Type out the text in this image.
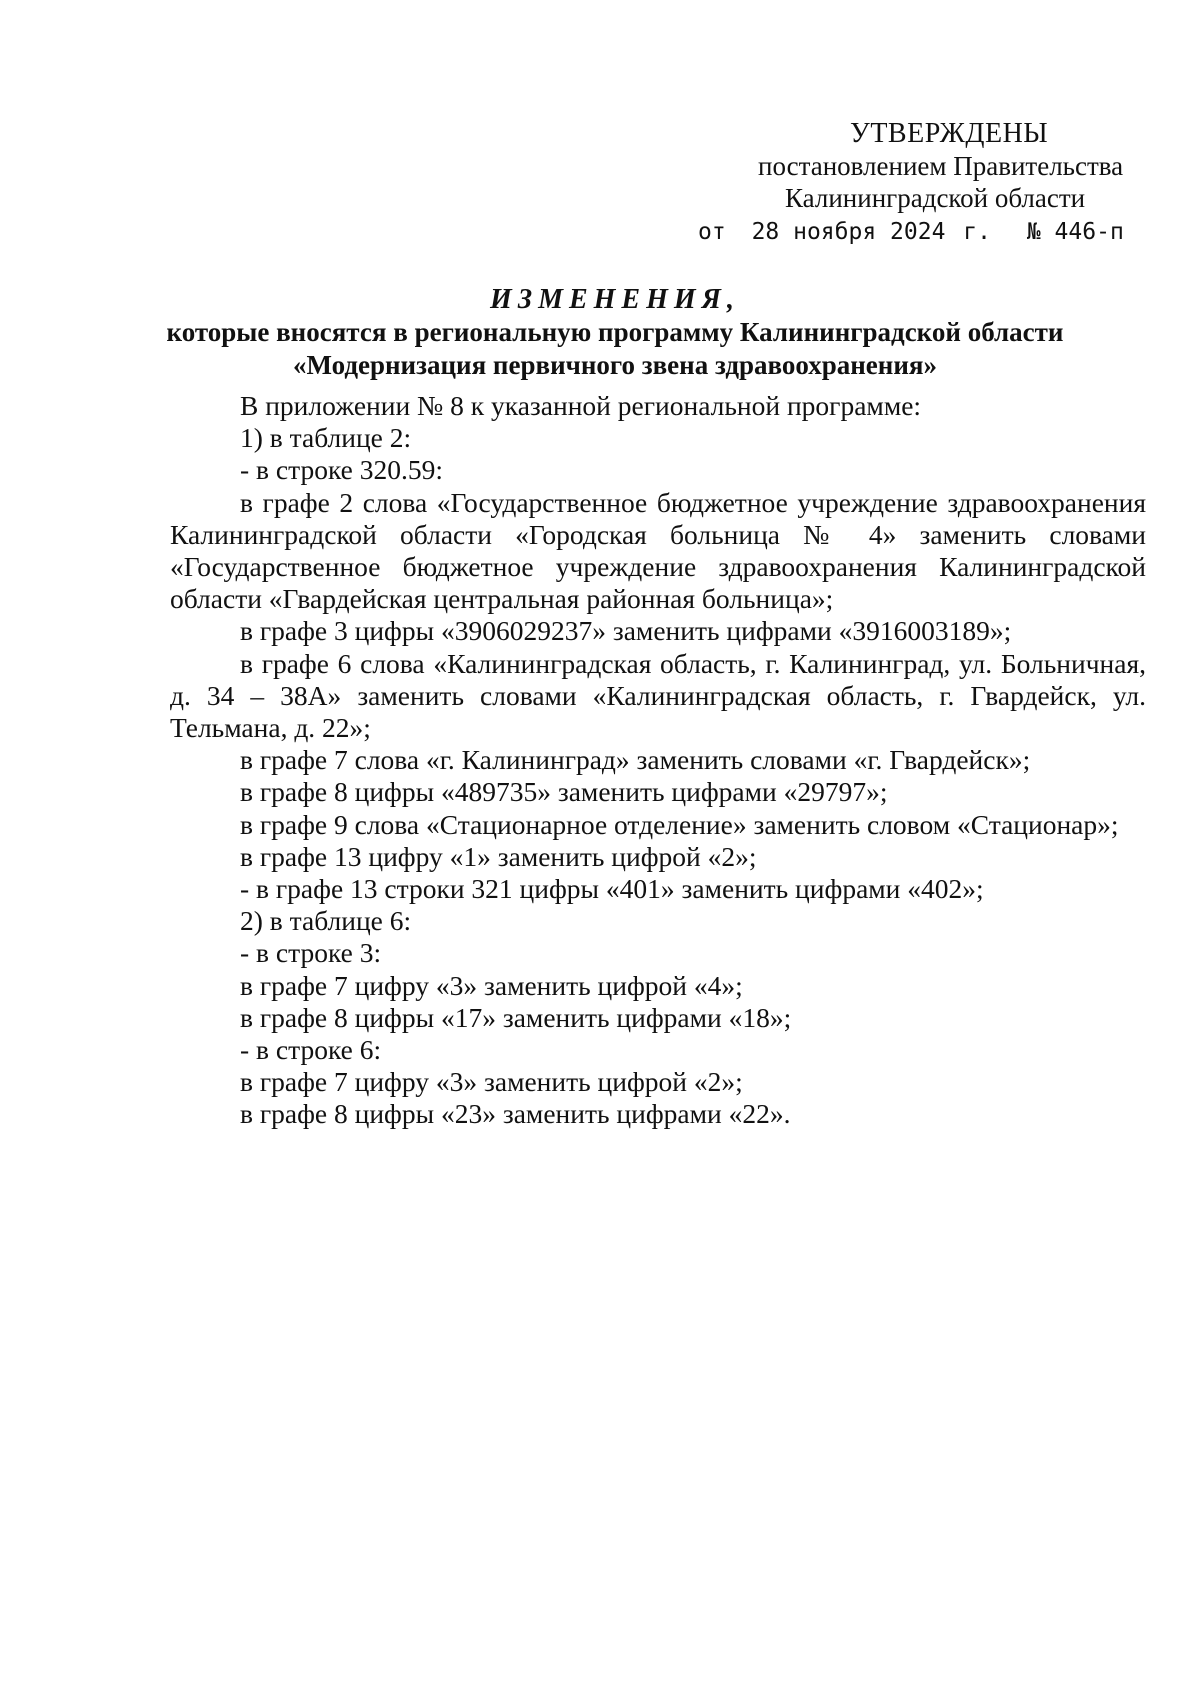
УТВЕРЖДЕНЫ
постановлением Правительства
Калининградской области
от 28 ноября 2024 г. № 446-п
ИЗМЕНЕНИЯ,
которые вносятся в региональную программу Калининградской области
«Модернизация первичного звена здравоохранения»

В приложении № 8 к указанной региональной программе:

1) в таблице 2:

- в строке 320.59:

в графе 2 слова «Государственное бюджетное учреждение здравоохранения Калининградской области «Городская больница № 4» заменить словами «Государственное бюджетное учреждение здравоохранения Калининградской области «Гвардейская центральная районная больница»;

в графе 3 цифры «3906029237» заменить цифрами «3916003189»;

в графе 6 слова «Калининградская область, г. Калининград, ул. Больничная, д. 34 – 38А» заменить словами «Калининградская область, г. Гвардейск, ул. Тельмана, д. 22»;

в графе 7 слова «г. Калининград» заменить словами «г. Гвардейск»;

в графе 8 цифры «489735» заменить цифрами «29797»;

в графе 9 слова «Стационарное отделение» заменить словом «Стационар»;

в графе 13 цифру «1» заменить цифрой «2»;

- в графе 13 строки 321 цифры «401» заменить цифрами «402»;

2) в таблице 6:

- в строке 3:

в графе 7 цифру «3» заменить цифрой «4»;

в графе 8 цифры «17» заменить цифрами «18»;

- в строке 6:

в графе 7 цифру «3» заменить цифрой «2»;

в графе 8 цифры «23» заменить цифрами «22».
